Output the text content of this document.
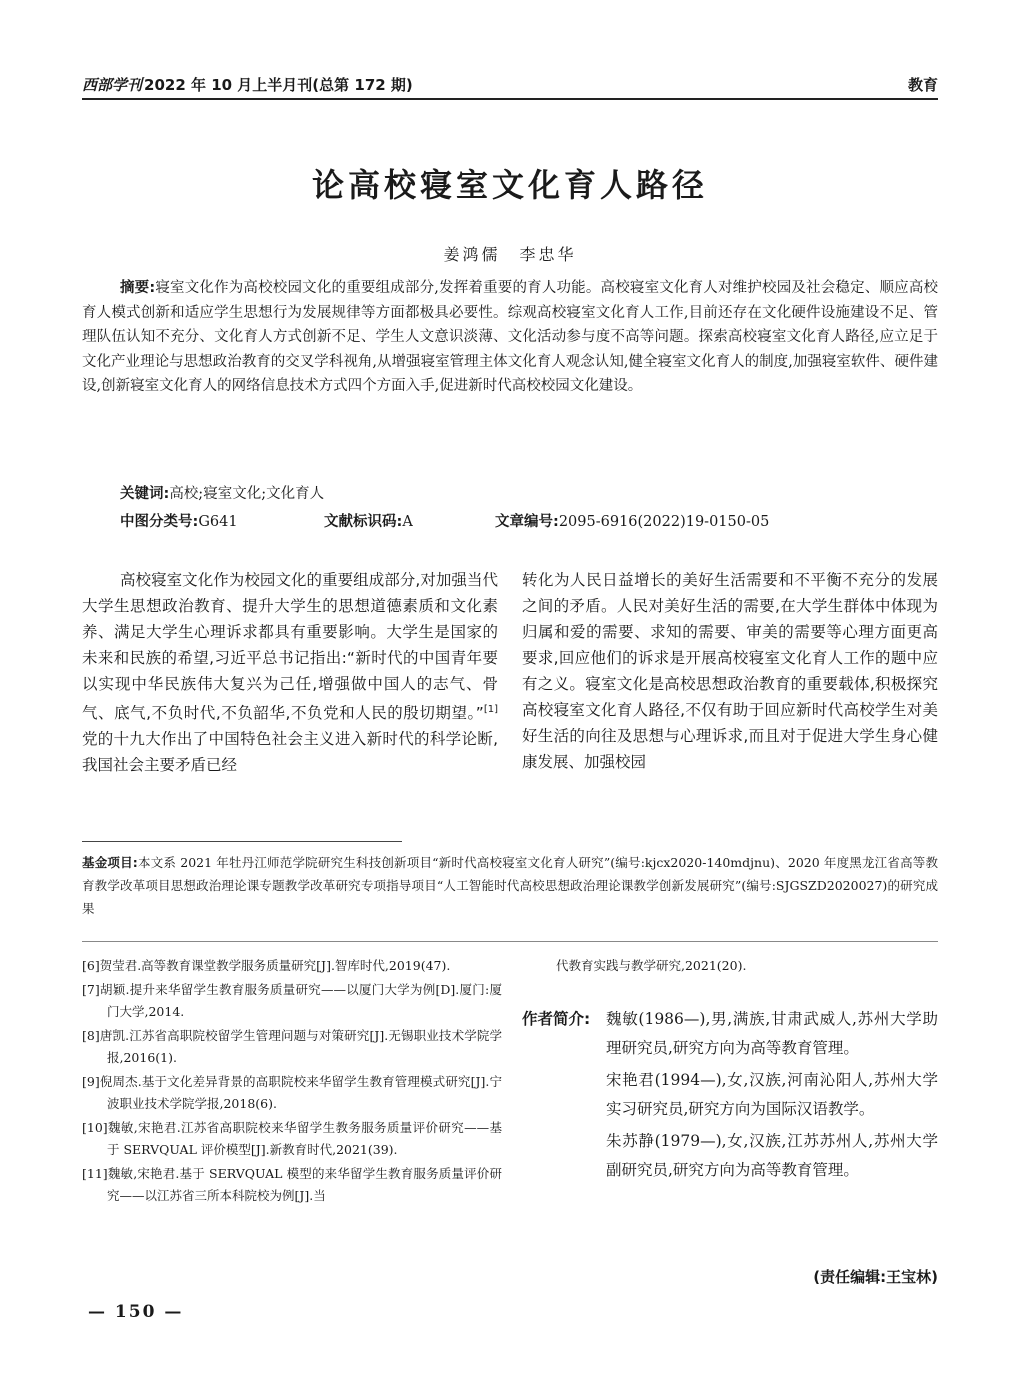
西部学刊 2022 年 10 月上半月刊(总第 172 期)	教育
论高校寝室文化育人路径
姜鸿儒　李忠华

摘要:寝室文化作为高校校园文化的重要组成部分,发挥着重要的育人功能。高校寝室文化育人对维护校园及社会稳定、顺应高校育人模式创新和适应学生思想行为发展规律等方面都极具必要性。综观高校寝室文化育人工作,目前还存在文化硬件设施建设不足、管理队伍认知不充分、文化育人方式创新不足、学生人文意识淡薄、文化活动参与度不高等问题。探索高校寝室文化育人路径,应立足于文化产业理论与思想政治教育的交叉学科视角,从增强寝室管理主体文化育人观念认知,健全寝室文化育人的制度,加强寝室软件、硬件建设,创新寝室文化育人的网络信息技术方式四个方面入手,促进新时代高校校园文化建设。

关键词:高校;寝室文化;文化育人

中图分类号:G641	文献标识码:A	文章编号:2095-6916(2022)19-0150-05

高校寝室文化作为校园文化的重要组成部分,对加强当代大学生思想政治教育、提升大学生的思想道德素质和文化素养、满足大学生心理诉求都具有重要影响。大学生是国家的未来和民族的希望,习近平总书记指出:“新时代的中国青年要以实现中华民族伟大复兴为己任,增强做中国人的志气、骨气、底气,不负时代,不负韶华,不负党和人民的殷切期望。”[1]党的十九大作出了中国特色社会主义进入新时代的科学论断,我国社会主要矛盾已经

转化为人民日益增长的美好生活需要和不平衡不充分的发展之间的矛盾。人民对美好生活的需要,在大学生群体中体现为归属和爱的需要、求知的需要、审美的需要等心理方面更高要求,回应他们的诉求是开展高校寝室文化育人工作的题中应有之义。寝室文化是高校思想政治教育的重要载体,积极探究高校寝室文化育人路径,不仅有助于回应新时代高校学生对美好生活的向往及思想与心理诉求,而且对于促进大学生身心健康发展、加强校园

基金项目:本文系 2021 年牡丹江师范学院研究生科技创新项目“新时代高校寝室文化育人研究”(编号:kjcx2020-140mdjnu)、2020 年度黑龙江省高等教育教学改革项目思想政治理论课专题教学改革研究专项指导项目“人工智能时代高校思想政治理论课教学创新发展研究”(编号:SJGSZD2020027)的研究成果

[6]贺莹君.高等教育课堂教学服务质量研究[J].智库时代,2019(47).
[7]胡颖.提升来华留学生教育服务质量研究——以厦门大学为例[D].厦门:厦门大学,2014.
[8]唐凯.江苏省高职院校留学生管理问题与对策研究[J].无锡职业技术学院学报,2016(1).
[9]倪周杰.基于文化差异背景的高职院校来华留学生教育管理模式研究[J].宁波职业技术学院学报,2018(6).
[10]魏敏,宋艳君.江苏省高职院校来华留学生教务服务质量评价研究——基于 SERVQUAL 评价模型[J].新教育时代,2021(39).
[11]魏敏,宋艳君.基于 SERVQUAL 模型的来华留学生教育服务质量评价研究——以江苏省三所本科院校为例[J].当

代教育实践与教学研究,2021(20).

作者简介:	魏敏(1986—),男,满族,甘肃武威人,苏州大学助理研究员,研究方向为高等教育管理。

宋艳君(1994—),女,汉族,河南沁阳人,苏州大学实习研究员,研究方向为国际汉语教学。

朱苏静(1979—),女,汉族,江苏苏州人,苏州大学副研究员,研究方向为高等教育管理。

(责任编辑:王宝林)
— 150 —
